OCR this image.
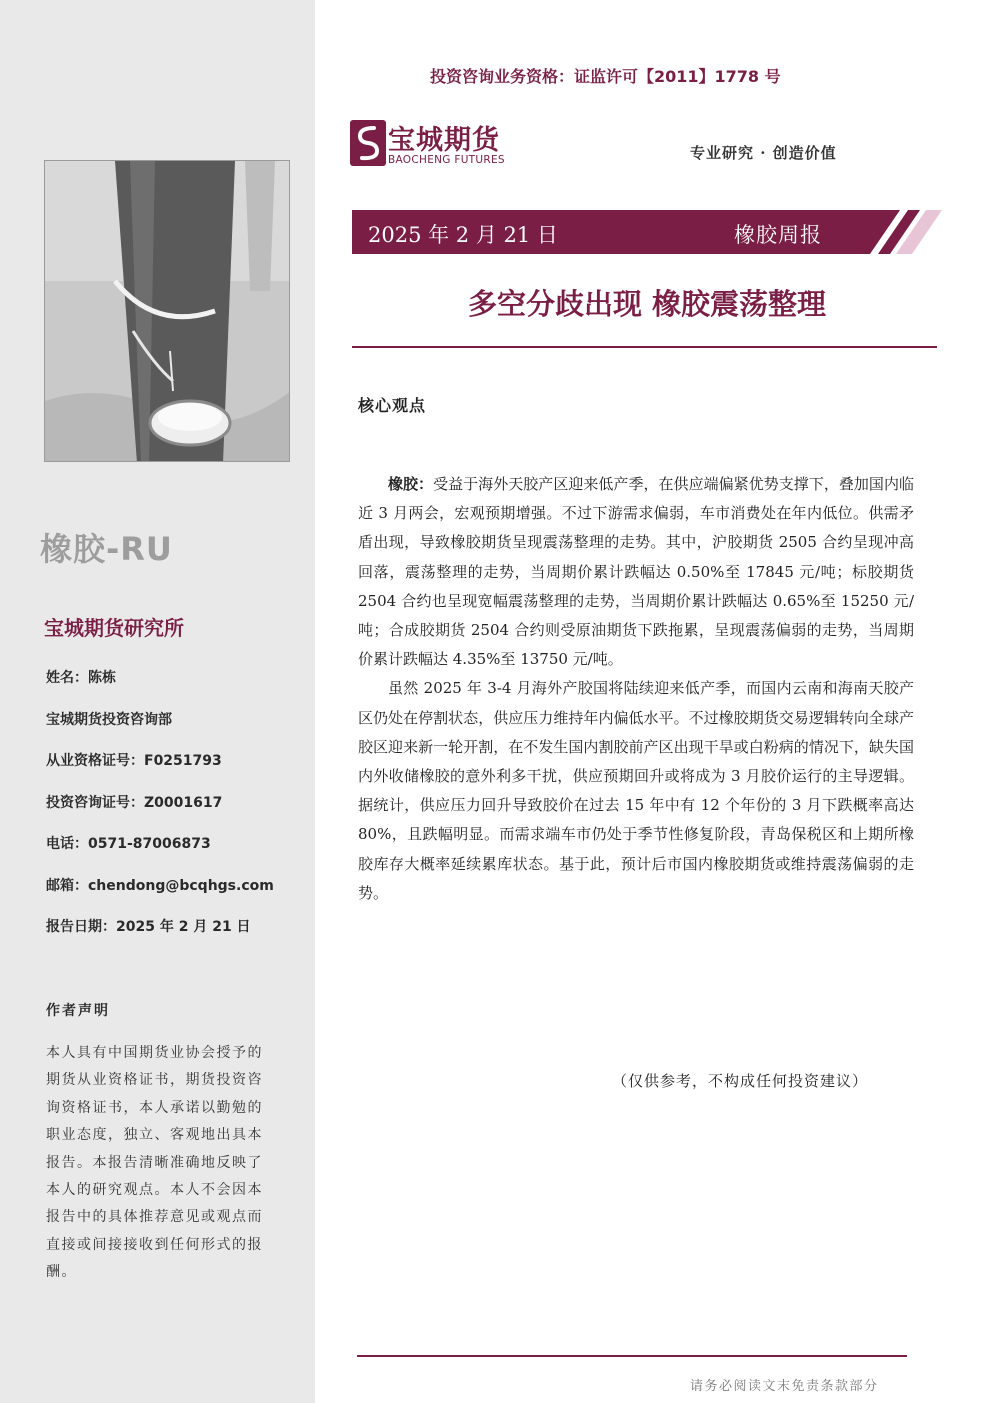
橡胶-RU
宝城期货研究所
姓名：陈栋
宝城期货投资咨询部
从业资格证号：F0251793
投资咨询证号：Z0001617
电话：0571-87006873
邮箱：chendong@bcqhgs.com
报告日期：2025 年 2 月 21 日
作者声明
本人具有中国期货业协会授予的期货从业资格证书，期货投资咨询资格证书，本人承诺以勤勉的职业态度，独立、客观地出具本报告。本报告清晰准确地反映了本人的研究观点。本人不会因本报告中的具体推荐意见或观点而直接或间接接收到任何形式的报酬。
投资咨询业务资格：证监许可【2011】1778 号
宝城期货
BAOCHENG FUTURES	专业研究 · 创造价值
2025 年 2 月 21 日	橡胶周报
多空分歧出现 橡胶震荡整理
核心观点

橡胶：受益于海外天胶产区迎来低产季，在供应端偏紧优势支撑下，叠加国内临近 3 月两会，宏观预期增强。不过下游需求偏弱，车市消费处在年内低位。供需矛盾出现，导致橡胶期货呈现震荡整理的走势。其中，沪胶期货 2505 合约呈现冲高回落，震荡整理的走势，当周期价累计跌幅达 0.50%至 17845 元/吨；标胶期货 2504 合约也呈现宽幅震荡整理的走势，当周期价累计跌幅达 0.65%至 15250 元/吨；合成胶期货 2504 合约则受原油期货下跌拖累，呈现震荡偏弱的走势，当周期价累计跌幅达 4.35%至 13750 元/吨。

虽然 2025 年 3-4 月海外产胶国将陆续迎来低产季，而国内云南和海南天胶产区仍处在停割状态，供应压力维持年内偏低水平。不过橡胶期货交易逻辑转向全球产胶区迎来新一轮开割，在不发生国内割胶前产区出现干旱或白粉病的情况下，缺失国内外收储橡胶的意外利多干扰，供应预期回升或将成为 3 月胶价运行的主导逻辑。据统计，供应压力回升导致胶价在过去 15 年中有 12 个年份的 3 月下跌概率高达 80%，且跌幅明显。而需求端车市仍处于季节性修复阶段，青岛保税区和上期所橡胶库存大概率延续累库状态。基于此，预计后市国内橡胶期货或维持震荡偏弱的走势。

（仅供参考，不构成任何投资建议）
请务必阅读文末免责条款部分
